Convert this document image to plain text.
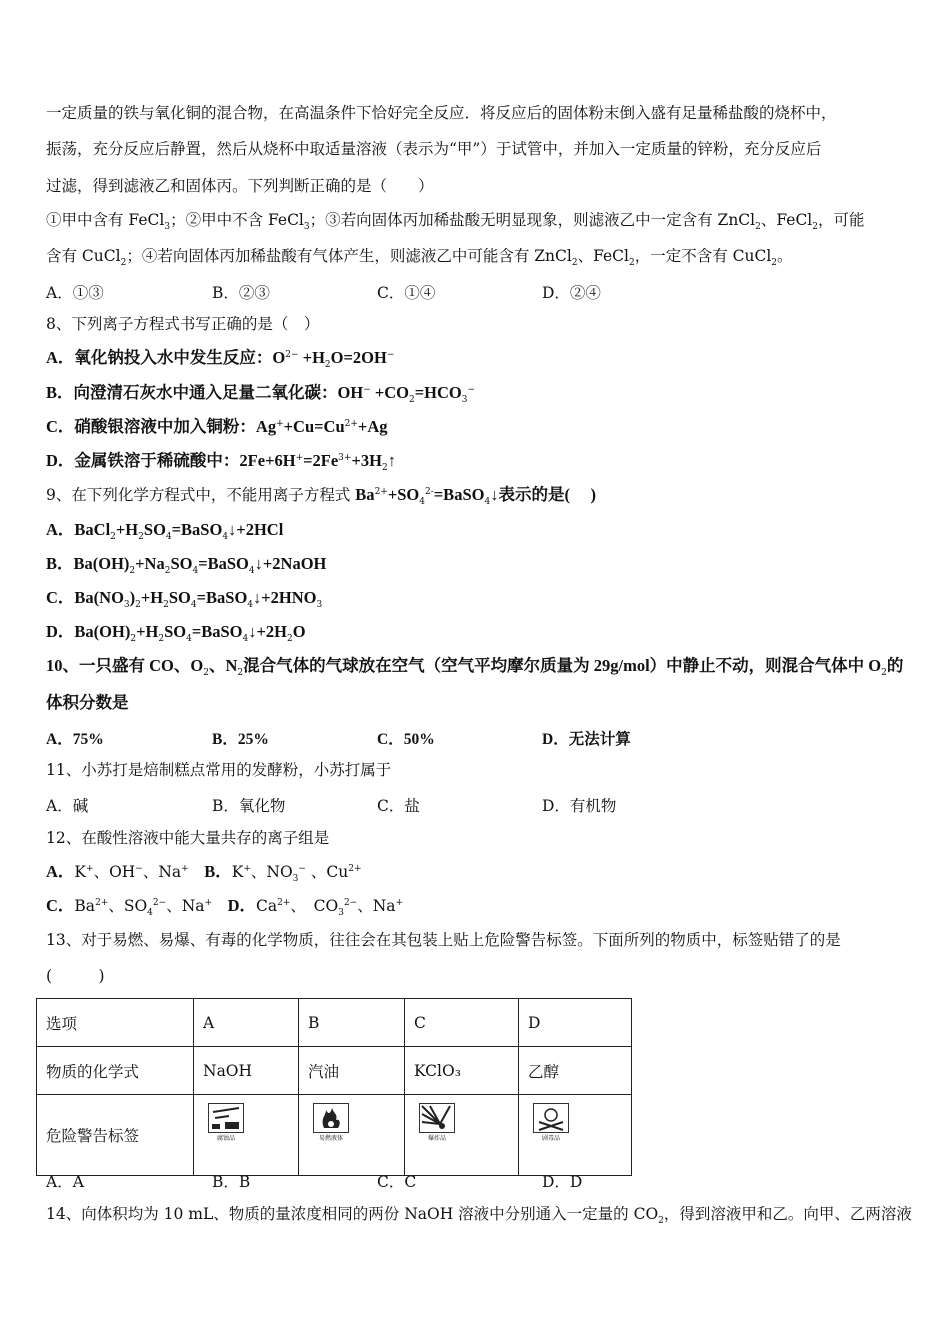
一定质量的铁与氧化铜的混合物，在高温条件下恰好完全反应．将反应后的固体粉末倒入盛有足量稀盐酸的烧杯中，
振荡，充分反应后静置，然后从烧杯中取适量溶液（表示为“甲”）于试管中，并加入一定质量的锌粉，充分反应后
过滤，得到滤液乙和固体丙。下列判断正确的是（　　）
①甲中含有 FeCl$_3$；②甲中不含 FeCl$_3$；③若向固体丙加稀盐酸无明显现象，则滤液乙中一定含有 ZnCl$_2$、FeCl$_2$，可能
含有 CuCl$_2$；④若向固体丙加稀盐酸有气体产生，则滤液乙中可能含有 ZnCl$_2$、FeCl$_2$，一定不含有 CuCl$_2$。
A．①③	B．②③	C．①④	D．②④
8、下列离子方程式书写正确的是（　）
A．氧化钠投入水中发生反应：$O^{2-} +H_2O=2OH^-$
B．向澄清石灰水中通入足量二氧化碳：$OH^- +CO_2=HCO_3^-$
C．硝酸银溶液中加入铜粉：$Ag^++Cu=Cu^{2+}+Ag$
D．金属铁溶于稀硫酸中：$2Fe+6H^+=2Fe^{3+}+3H_2↑$
9、在下列化学方程式中，不能用离子方程式 $Ba^{2+}+SO_4^{2-}=BaSO_4↓$表示的是(　 )
A．$BaCl_2+H_2SO_4=BaSO_4↓+2HCl$
B．$Ba(OH)_2+Na_2SO_4=BaSO_4↓+2NaOH$
C．$Ba(NO_3)_2+H_2SO_4=BaSO_4↓+2HNO_3$
D．$Ba(OH)_2+H_2SO_4=BaSO_4↓+2H_2O$
10、一只盛有 CO、$O_2$、$N_2$混合气体的气球放在空气（空气平均摩尔质量为 29g/mol）中静止不动，则混合气体中 $O_2$的
体积分数是
A．75%	B．25%	C．50%	D．无法计算
11、小苏打是焙制糕点常用的发酵粉，小苏打属于
A．碱	B．氧化物	C．盐	D．有机物
12、在酸性溶液中能大量共存的离子组是
A．K+、OH−、Na+　 B．K+、$NO_3^-$ 、$Cu^{2+}$
C．$Ba^{2+}$、$SO_4^{2-}$、Na+　 D．$Ca^{2+}$、　$CO_3^{2-}$、Na+
13、对于易燃、易爆、有毒的化学物质，往往会在其包装上贴上危险警告标签。下面所列的物质中，标签贴错了的是
(　　　)
选项	A	B	C	D
物质的化学式	NaOH	汽油	KClO₃	乙醇
危险警告标签	腐蚀品	易燃液体	爆炸品	剧毒品
A．A	B．B	C．C	D．D
14、向体积均为 10 mL、物质的量浓度相同的两份 NaOH 溶液中分别通入一定量的 $CO_2$，得到溶液甲和乙。向甲、乙两溶液
